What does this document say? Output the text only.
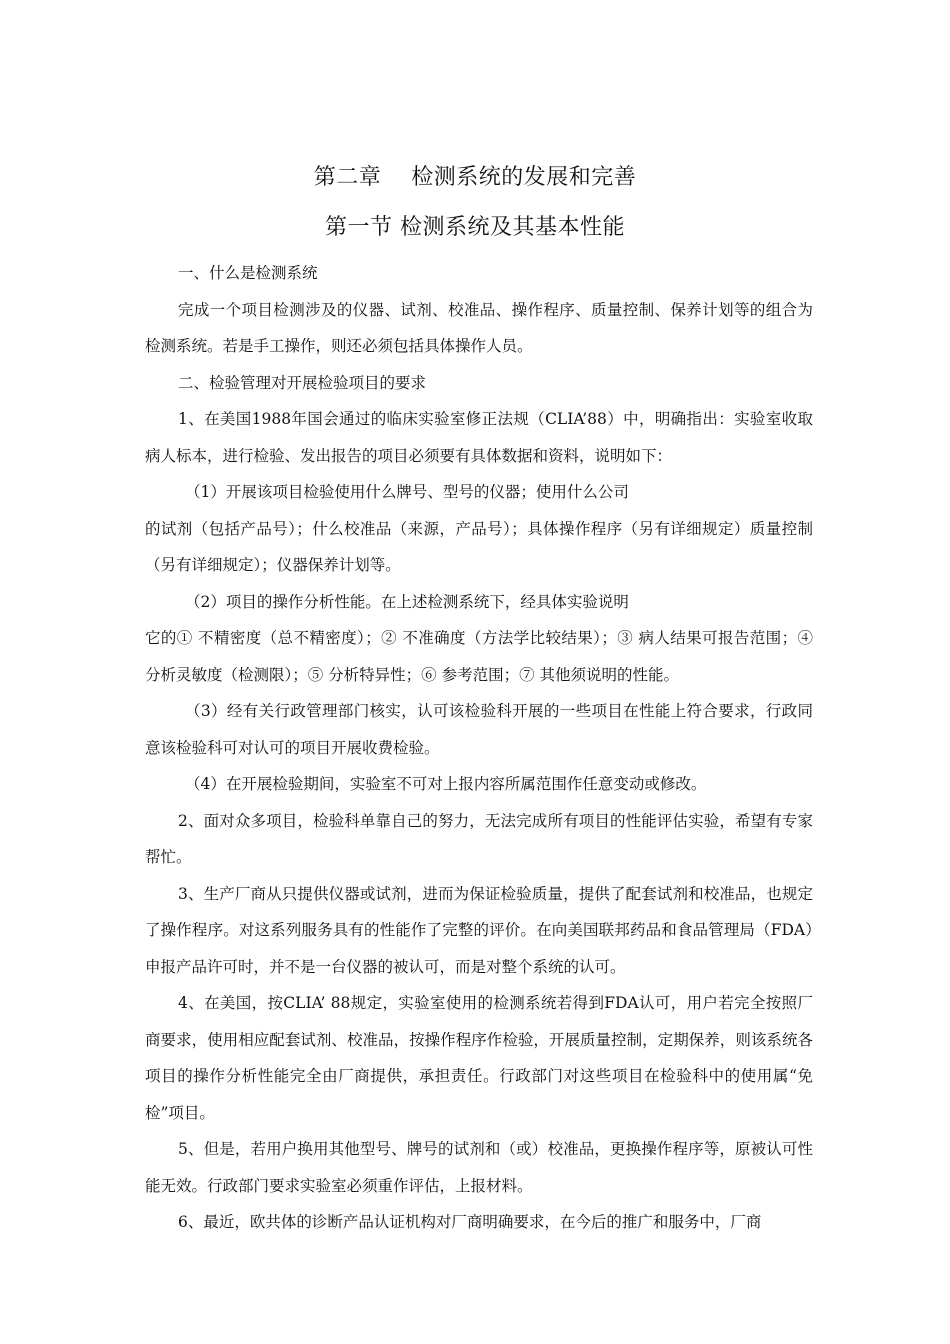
第二章    检测系统的发展和完善
第一节 检测系统及其基本性能

一、什么是检测系统

完成一个项目检测涉及的仪器、试剂、校准品、操作程序、质量控制、保养计划等的组合为检测系统。若是手工操作，则还必须包括具体操作人员。

二、检验管理对开展检验项目的要求

1、在美国1988年国会通过的临床实验室修正法规（CLIA’88）中，明确指出：实验室收取病人标本，进行检验、发出报告的项目必须要有具体数据和资料，说明如下：

（1）开展该项目检验使用什么牌号、型号的仪器；使用什么公司

的试剂（包括产品号）；什么校准品（来源，产品号）；具体操作程序（另有详细规定）质量控制（另有详细规定）；仪器保养计划等。

（2）项目的操作分析性能。在上述检测系统下，经具体实验说明

它的① 不精密度（总不精密度）；② 不准确度（方法学比较结果）；③ 病人结果可报告范围；④ 分析灵敏度（检测限）；⑤ 分析特异性；⑥ 参考范围；⑦ 其他须说明的性能。

（3）经有关行政管理部门核实，认可该检验科开展的一些项目在性能上符合要求，行政同意该检验科可对认可的项目开展收费检验。

（4）在开展检验期间，实验室不可对上报内容所属范围作任意变动或修改。

2、面对众多项目，检验科单靠自己的努力，无法完成所有项目的性能评估实验，希望有专家帮忙。

3、生产厂商从只提供仪器或试剂，进而为保证检验质量，提供了配套试剂和校准品，也规定了操作程序。对这系列服务具有的性能作了完整的评价。在向美国联邦药品和食品管理局（FDA）申报产品许可时，并不是一台仪器的被认可，而是对整个系统的认可。

4、在美国，按CLIA’ 88规定，实验室使用的检测系统若得到FDA认可，用户若完全按照厂商要求，使用相应配套试剂、校准品，按操作程序作检验，开展质量控制，定期保养，则该系统各项目的操作分析性能完全由厂商提供，承担责任。行政部门对这些项目在检验科中的使用属“免检”项目。

5、但是，若用户换用其他型号、牌号的试剂和（或）校准品，更换操作程序等，原被认可性能无效。行政部门要求实验室必须重作评估，上报材料。

6、最近，欧共体的诊断产品认证机构对厂商明确要求，在今后的推广和服务中，厂商
